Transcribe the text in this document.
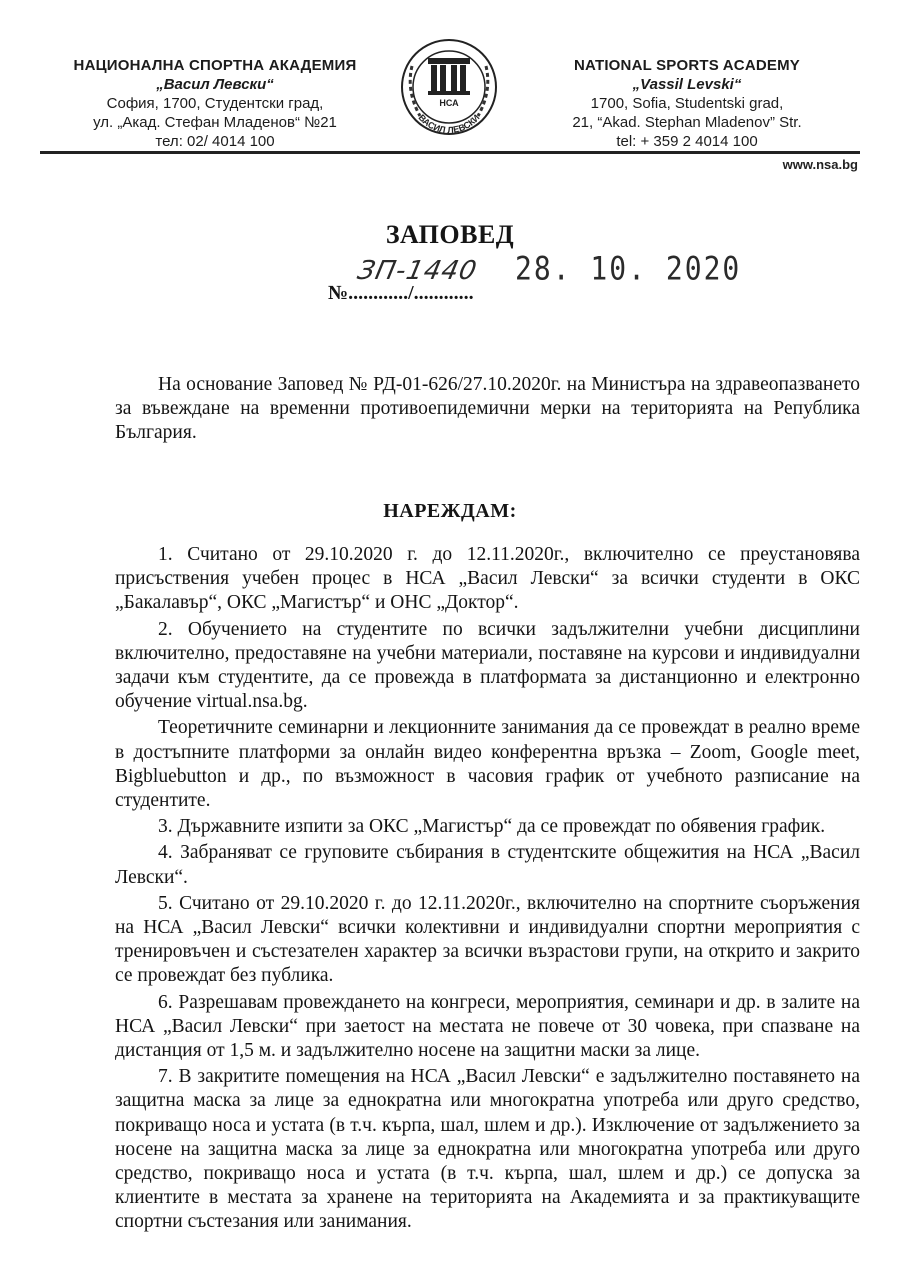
НАЦИОНАЛНА СПОРТНА АКАДЕМИЯ
„Васил Левски“
София, 1700, Студентски град,
ул. „Акад. Стефан Младенов“ №21
тел: 02/ 4014 100
НСА
ВАСИЛ ЛЕВСКИ
NATIONAL SPORTS ACADEMY
„Vassil Levski“
1700, Sofia, Studentski grad,
21, “Akad. Stephan Mladenov” Str.
tel: + 359 2 4014 100
www.nsa.bg
ЗАПОВЕД
ЗП-1440 28. 10. 2020
№............/............

На основание Заповед № РД-01-626/27.10.2020г. на Министъра на здравеопазването за въвеждане на временни противоепидемични мерки на територията на Република България.

НАРЕЖДАМ:

1. Считано от 29.10.2020 г. до 12.11.2020г., включително се преустановява присъствения учебен процес в НСА „Васил Левски“ за всички студенти в ОКС „Бакалавър“, ОКС „Магистър“ и ОНС „Доктор“.

2. Обучението на студентите по всички задължителни учебни дисциплини включително, предоставяне на учебни материали, поставяне на курсови и индивидуални задачи към студентите, да се провежда в платформата за дистанционно и електронно обучение virtual.nsa.bg.

Теоретичните семинарни и лекционните занимания да се провеждат в реално време в достъпните платформи за онлайн видео конферентна връзка – Zoom, Google meet, Bigbluebutton и др., по възможност в часовия график от учебното разписание на студентите.

3. Държавните изпити за ОКС „Магистър“ да се провеждат по обявения график.

4. Забраняват се груповите събирания в студентските общежития на НСА „Васил Левски“.

5. Считано от 29.10.2020 г. до 12.11.2020г., включително на спортните съоръжения на НСА „Васил Левски“ всички колективни и индивидуални спортни мероприятия с тренировъчен и състезателен характер за всички възрастови групи, на открито и закрито се провеждат без публика.

6. Разрешавам провеждането на конгреси, мероприятия, семинари и др. в залите на НСА „Васил Левски“ при заетост на местата не повече от 30 човека, при спазване на дистанция от 1,5 м. и задължително носене на защитни маски за лице.

7. В закритите помещения на НСА „Васил Левски“ е задължително поставянето на защитна маска за лице за еднократна или многократна употреба или друго средство, покриващо носа и устата (в т.ч. кърпа, шал, шлем и др.). Изключение от задължението за носене на защитна маска за лице за еднократна или многократна употреба или друго средство, покриващо носа и устата (в т.ч. кърпа, шал, шлем и др.) се допуска за клиентите в местата за хранене на територията на Академията и за практикуващите спортни състезания или занимания.
